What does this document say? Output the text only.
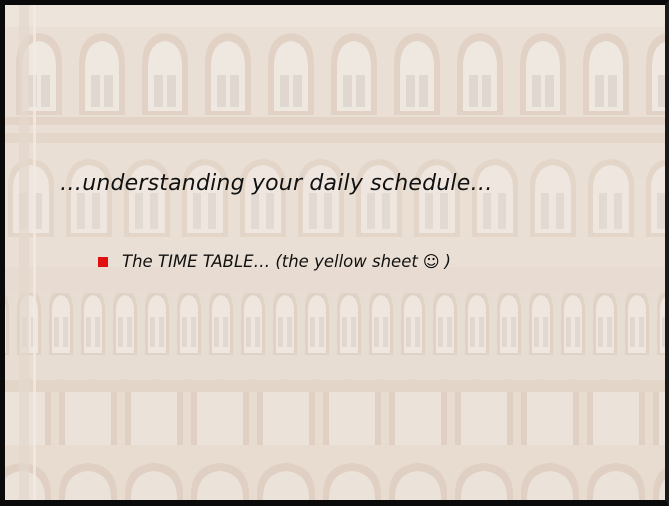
…understanding your daily schedule…
The TIME TABLE… (the yellow sheet ☺ )
